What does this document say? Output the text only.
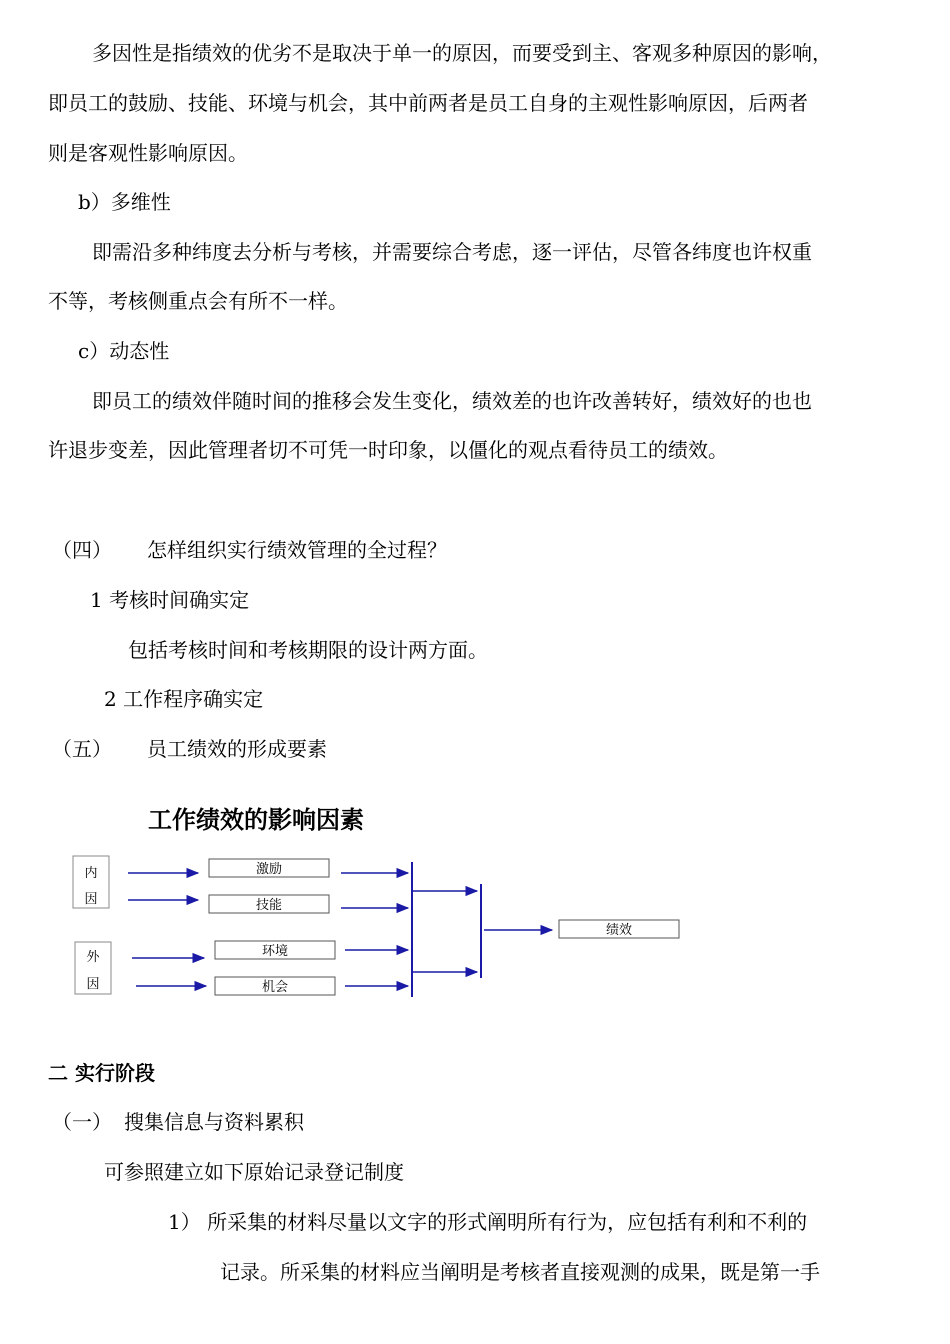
多因性是指绩效的优劣不是取决于单一的原因，而要受到主、客观多种原因的影响，
即员工的鼓励、技能、环境与机会，其中前两者是员工自身的主观性影响原因，后两者
则是客观性影响原因。
b）多维性
即需沿多种纬度去分析与考核，并需要综合考虑，逐一评估，尽管各纬度也许权重
不等，考核侧重点会有所不一样。
c）动态性
即员工的绩效伴随时间的推移会发生变化，绩效差的也许改善转好，绩效好的也也
许退步变差，因此管理者切不可凭一时印象，以僵化的观点看待员工的绩效。
（四） 怎样组织实行绩效管理的全过程？
1 考核时间确实定
包括考核时间和考核期限的设计两方面。
2 工作程序确实定
（五） 员工绩效的形成要素
工作绩效的影响因素
内
因
外
因
激励
技能
环境
机会
绩效
二 实行阶段
（一） 搜集信息与资料累积
可参照建立如下原始记录登记制度
1） 所采集的材料尽量以文字的形式阐明所有行为，应包括有利和不利的
记录。所采集的材料应当阐明是考核者直接观测的成果，既是第一手
